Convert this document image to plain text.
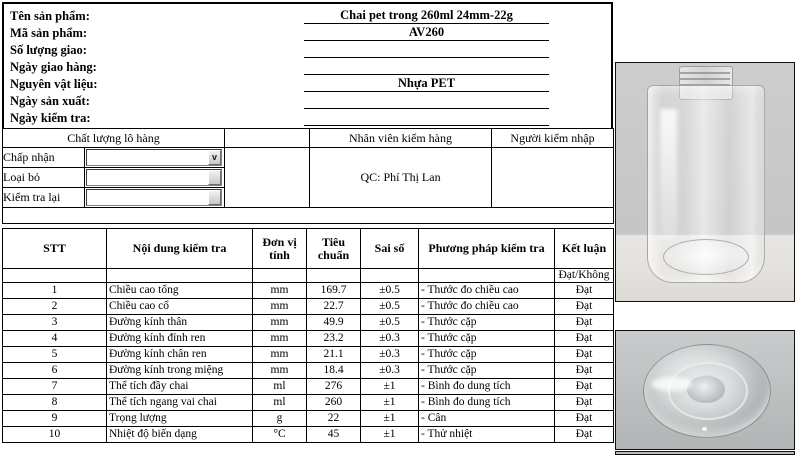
Tên sản phẩm:	Chai pet trong 260ml 24mm-22g
Mã sản phẩm:	AV260
Số lượng giao:
Ngày giao hàng:
Nguyên vật liệu:	Nhựa PET
Ngày sản xuất:
Ngày kiểm tra:
Chất lượng lô hàng			Nhân viên kiểm hàng	Người kiểm nhập
Chấp nhận	v		QC: Phí Thị Lan	
Loại bỏ				

Kiểm tra lại				

STT	Nội dung kiểm tra	Đơn vị tính	Tiêu chuẩn	Sai số	Phương pháp kiểm tra	Kết luận
						Đạt/Không
1	Chiều cao tổng	mm	169.7	±0.5	- Thước đo chiều cao	Đạt
2	Chiều cao cổ	mm	22.7	±0.5	- Thước đo chiều cao	Đạt
3	Đường kính thân	mm	49.9	±0.5	- Thước cặp	Đạt
4	Đường kính đỉnh ren	mm	23.2	±0.3	- Thước cặp	Đạt
5	Đường kính chân ren	mm	21.1	±0.3	- Thước cặp	Đạt
6	Đường kính trong miệng	mm	18.4	±0.3	- Thước cặp	Đạt
7	Thể tích đầy chai	ml	276	±1	- Bình đo dung tích	Đạt
8	Thể tích ngang vai chai	ml	260	±1	- Bình đo dung tích	Đạt
9	Trọng lượng	g	22	±1	- Cân	Đạt
10	Nhiệt độ biến dạng	°C	45	±1	- Thử nhiệt	Đạt
